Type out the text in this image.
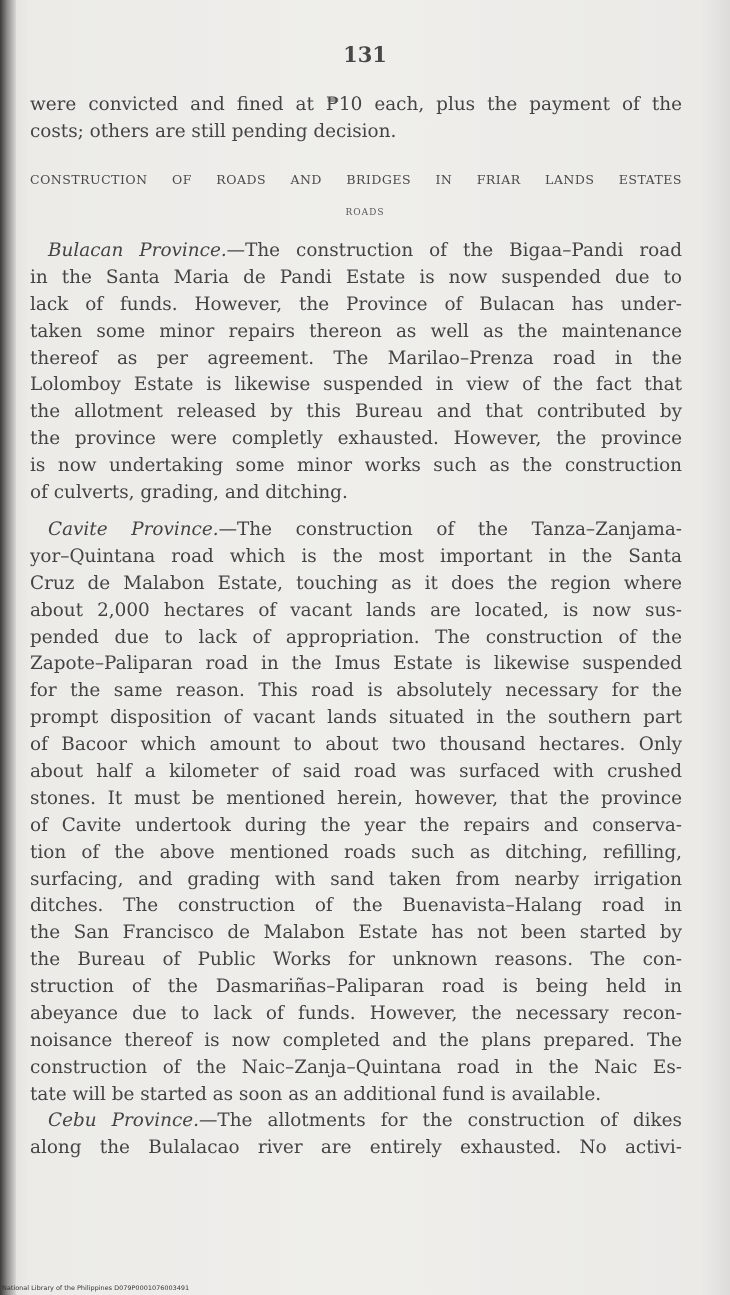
131
were convicted and fined at ₱10 each, plus the payment of the
costs; others are still pending decision.
CONSTRUCTION OF ROADS AND BRIDGES IN FRIAR LANDS ESTATES
ROADS
Bulacan Province.—The construction of the Bigaa–Pandi road
in the Santa Maria de Pandi Estate is now suspended due to
lack of funds. However, the Province of Bulacan has under-
taken some minor repairs thereon as well as the maintenance
thereof as per agreement. The Marilao–Prenza road in the
Lolomboy Estate is likewise suspended in view of the fact that
the allotment released by this Bureau and that contributed by
the province were completly exhausted. However, the province
is now undertaking some minor works such as the construction
of culverts, grading, and ditching.
Cavite Province.—The construction of the Tanza–Zanjama-
yor–Quintana road which is the most important in the Santa
Cruz de Malabon Estate, touching as it does the region where
about 2,000 hectares of vacant lands are located, is now sus-
pended due to lack of appropriation. The construction of the
Zapote–Paliparan road in the Imus Estate is likewise suspended
for the same reason. This road is absolutely necessary for the
prompt disposition of vacant lands situated in the southern part
of Bacoor which amount to about two thousand hectares. Only
about half a kilometer of said road was surfaced with crushed
stones. It must be mentioned herein, however, that the province
of Cavite undertook during the year the repairs and conserva-
tion of the above mentioned roads such as ditching, refilling,
surfacing, and grading with sand taken from nearby irrigation
ditches. The construction of the Buenavista–Halang road in
the San Francisco de Malabon Estate has not been started by
the Bureau of Public Works for unknown reasons. The con-
struction of the Dasmariñas–Paliparan road is being held in
abeyance due to lack of funds. However, the necessary recon-
noisance thereof is now completed and the plans prepared. The
construction of the Naic–Zanja–Quintana road in the Naic Es-
tate will be started as soon as an additional fund is available.
Cebu Province.—The allotments for the construction of dikes
along the Bulalacao river are entirely exhausted. No activi-
National Library of the Philippines D079P0001076003491
